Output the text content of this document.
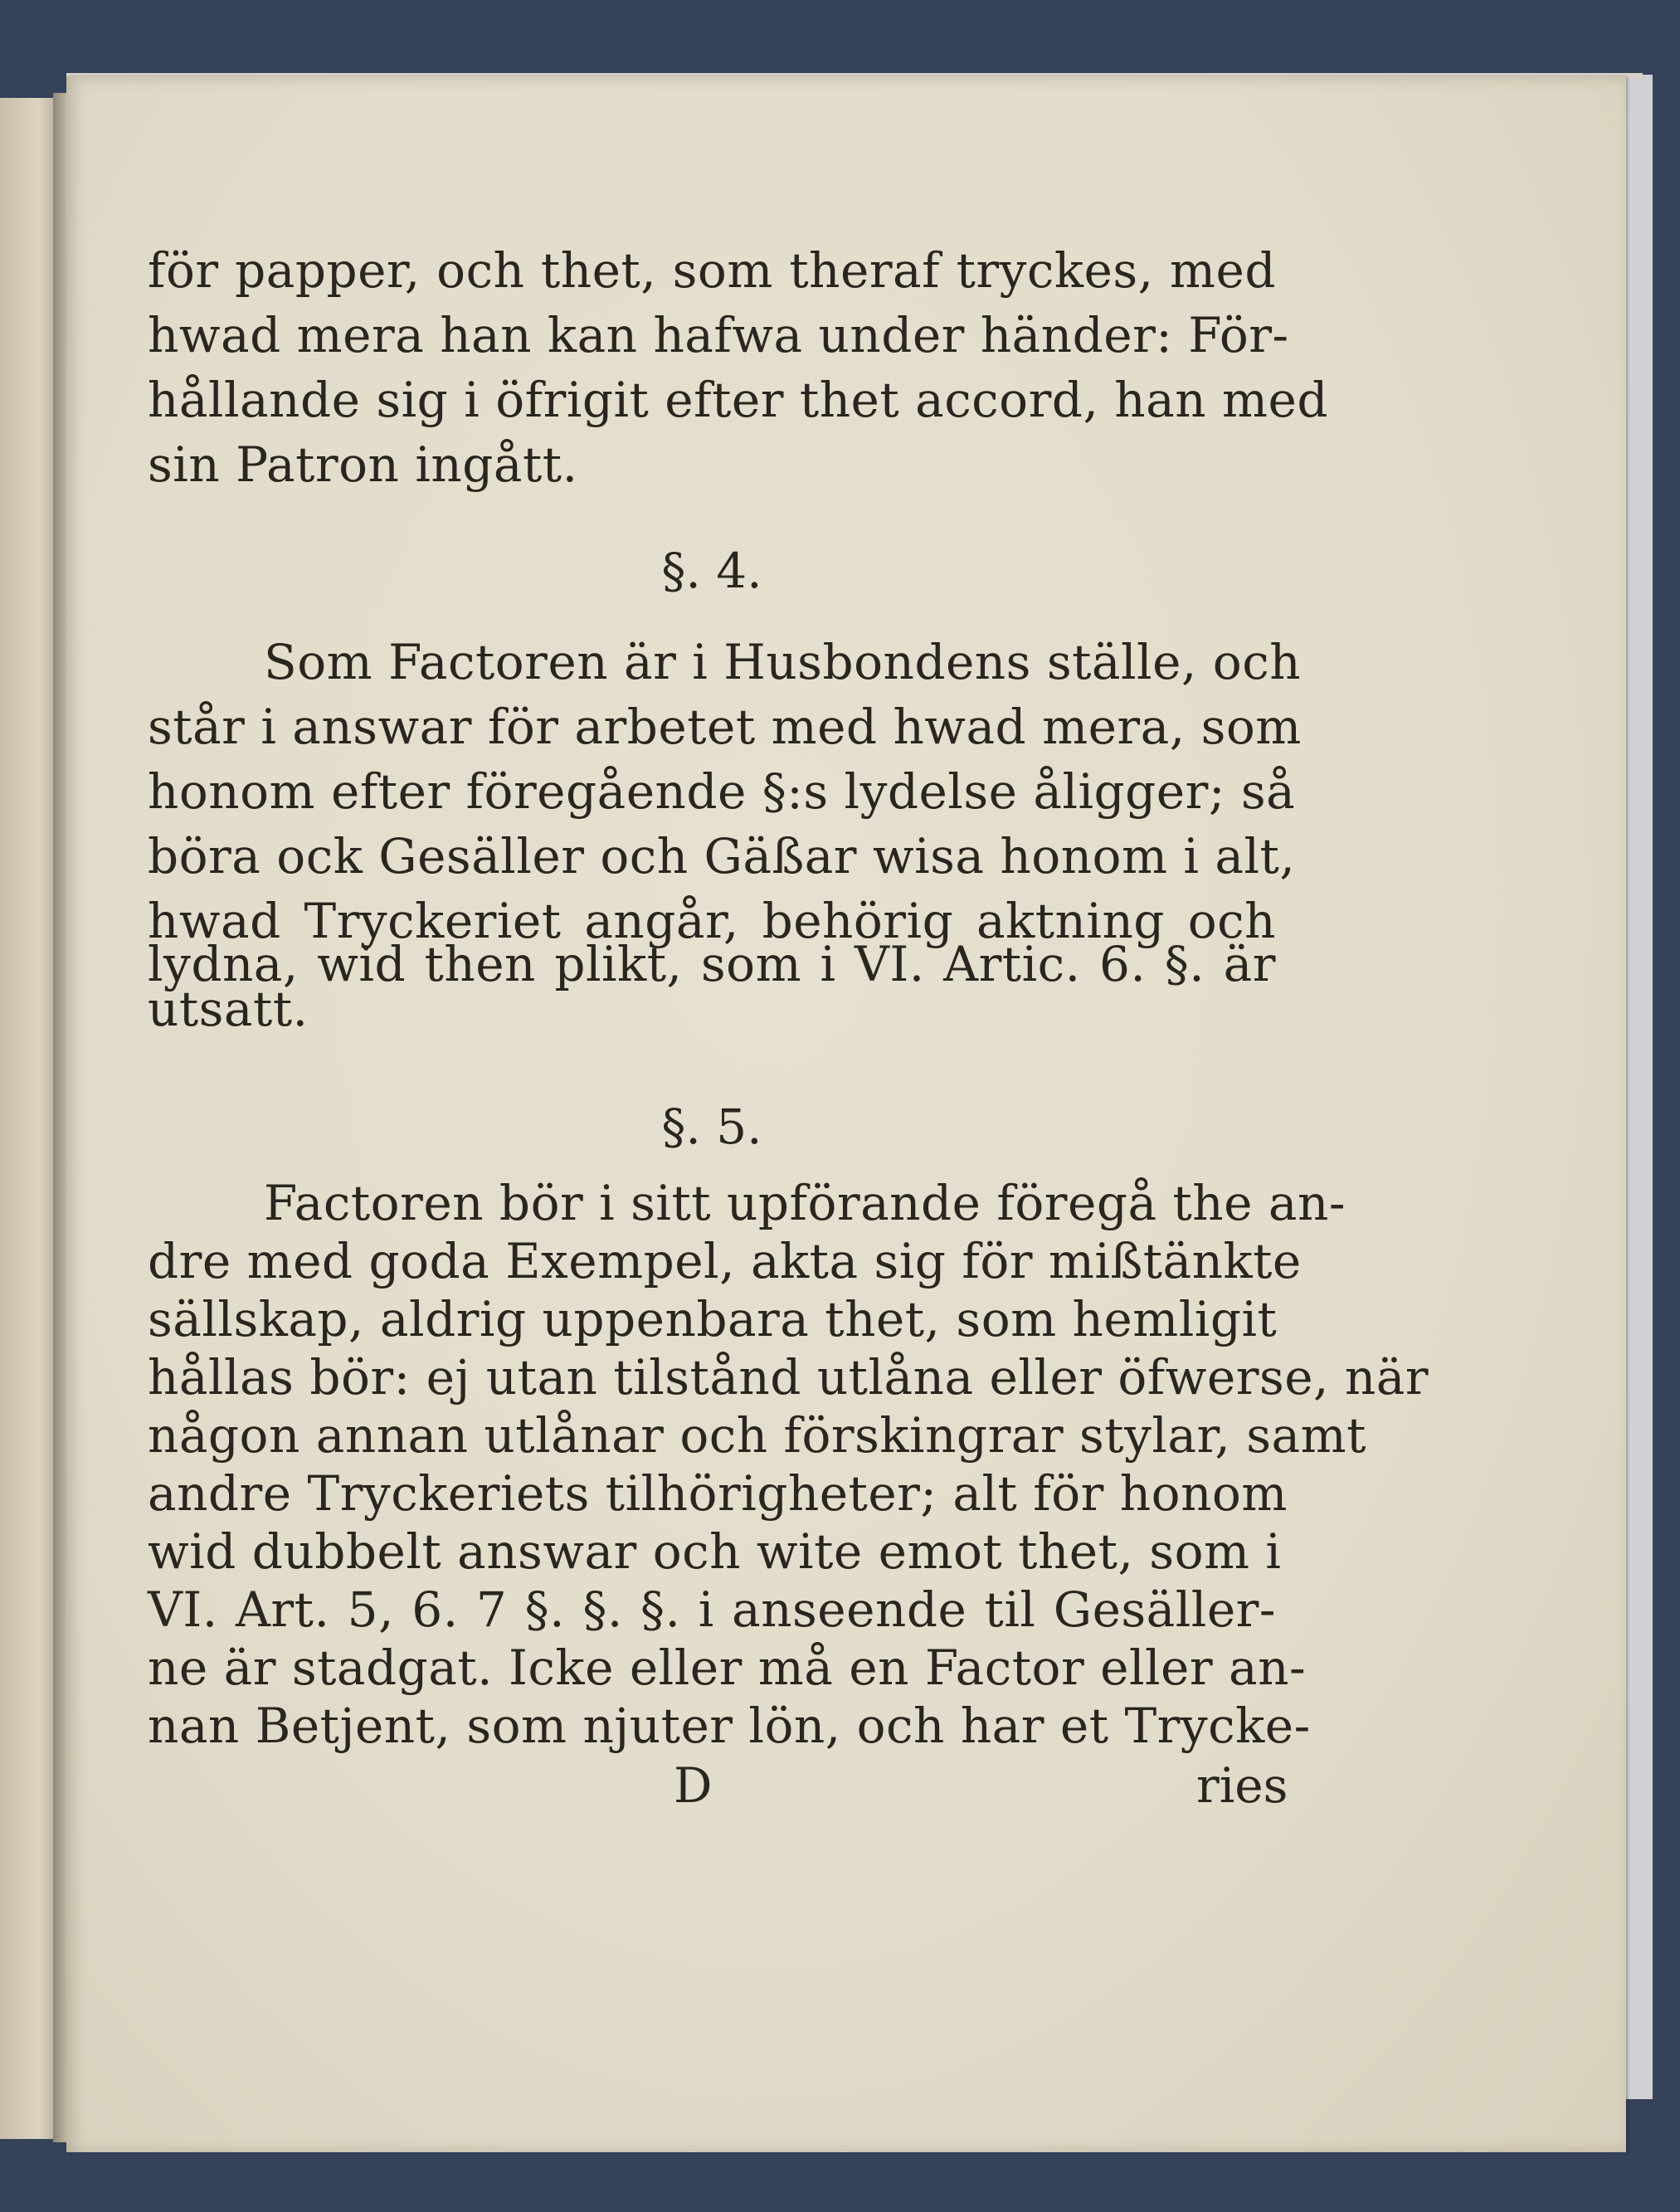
för papper, och thet, som theraf tryckes, med
hwad mera han kan hafwa under händer: För-
hållande sig i öfrigit efter thet accord, han med
sin Patron ingått.
§. 4.
Som Factoren är i Husbondens ställe, och
står i answar för arbetet med hwad mera, som
honom efter föregående §:s lydelse åligger; så
böra ock Gesäller och Gäßar wisa honom i alt,
hwad Tryckeriet angår, behörig aktning och
lydna, wid then plikt, som i VI. Artic. 6. §. är
utsatt.
§. 5.
Factoren bör i sitt upförande föregå the an-
dre med goda Exempel, akta sig för mißtänkte
sällskap, aldrig uppenbara thet, som hemligit
hållas bör: ej utan tilstånd utlåna eller öfwerse, när
någon annan utlånar och förskingrar stylar, samt
andre Tryckeriets tilhörigheter; alt för honom
wid dubbelt answar och wite emot thet, som i
VI. Art. 5, 6. 7 §. §. §. i anseende til Gesäller-
ne är stadgat. Icke eller må en Factor eller an-
nan Betjent, som njuter lön, och har et Trycke-
D	ries
